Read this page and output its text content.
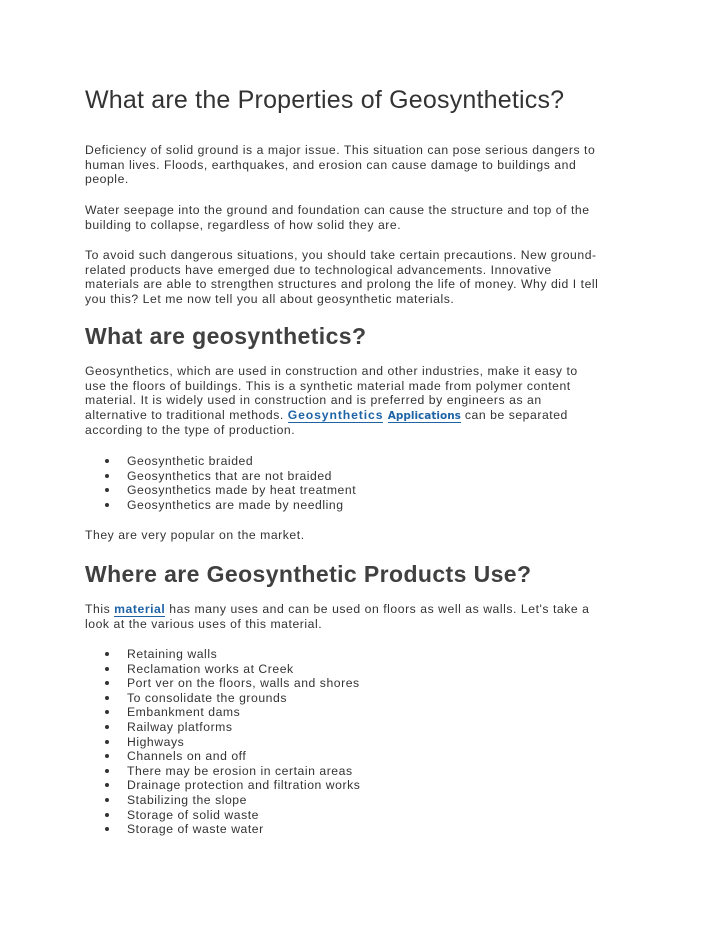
What are the Properties of Geosynthetics?

Deficiency of solid ground is a major issue. This situation can pose serious dangers to
human lives. Floods, earthquakes, and erosion can cause damage to buildings and
people.

Water seepage into the ground and foundation can cause the structure and top of the
building to collapse, regardless of how solid they are.

To avoid such dangerous situations, you should take certain precautions. New ground-
related products have emerged due to technological advancements. Innovative
materials are able to strengthen structures and prolong the life of money. Why did I tell
you this? Let me now tell you all about geosynthetic materials.

What are geosynthetics?

Geosynthetics, which are used in construction and other industries, make it easy to
use the floors of buildings. This is a synthetic material made from polymer content
material. It is widely used in construction and is preferred by engineers as an
alternative to traditional methods. Geosynthetics Applications can be separated
according to the type of production.

Geosynthetic braided
Geosynthetics that are not braided
Geosynthetics made by heat treatment
Geosynthetics are made by needling

They are very popular on the market.

Where are Geosynthetic Products Use?

This material has many uses and can be used on floors as well as walls. Let's take a
look at the various uses of this material.

Retaining walls
Reclamation works at Creek
Port ver on the floors, walls and shores
To consolidate the grounds
Embankment dams
Railway platforms
Highways
Channels on and off
There may be erosion in certain areas
Drainage protection and filtration works
Stabilizing the slope
Storage of solid waste
Storage of waste water
